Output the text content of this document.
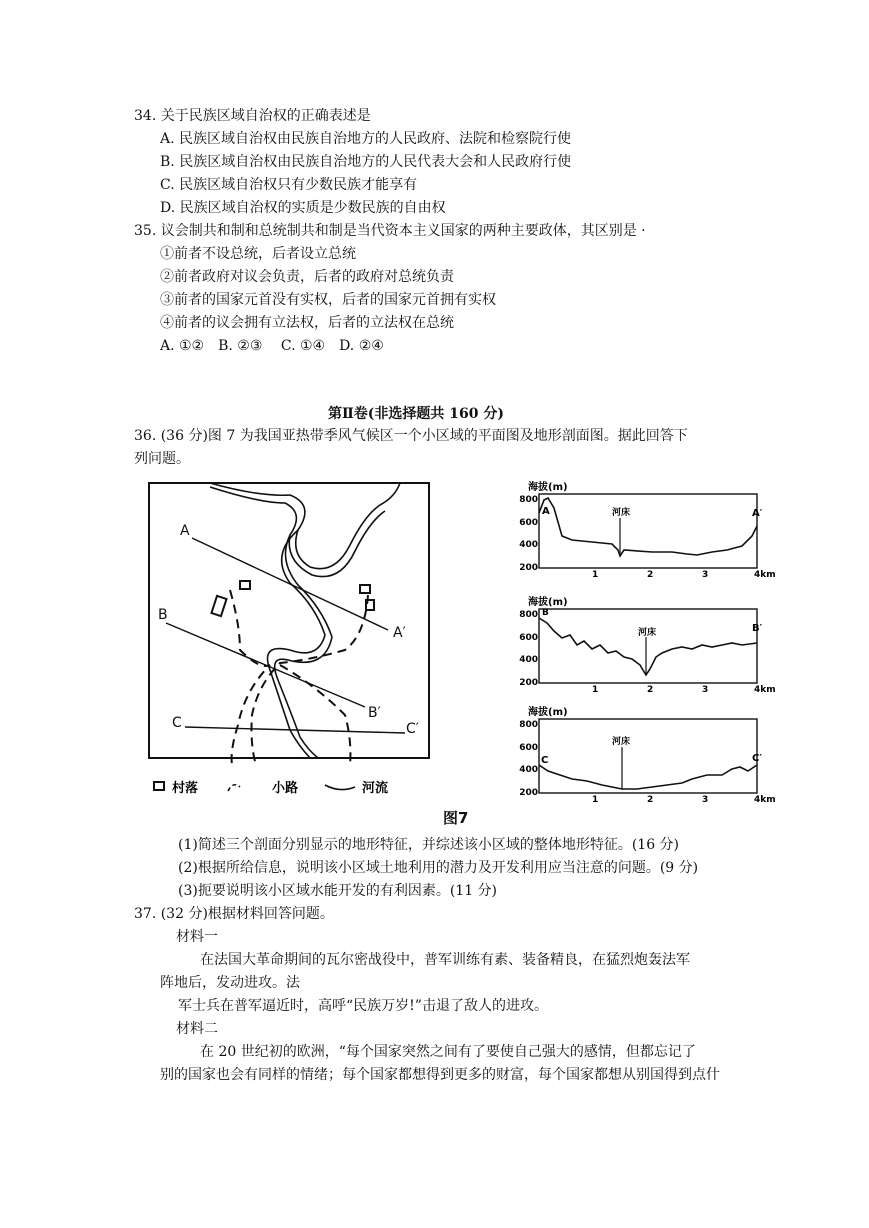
34. 关于民族区域自治权的正确表述是
A. 民族区域自治权由民族自治地方的人民政府、法院和检察院行使
B. 民族区域自治权由民族自治地方的人民代表大会和人民政府行使
C. 民族区域自治权只有少数民族才能享有
D. 民族区域自治权的实质是少数民族的自由权
35. 议会制共和制和总统制共和制是当代资本主义国家的两种主要政体，其区别是 ·
①前者不设总统，后者设立总统
②前者政府对议会负责，后者的政府对总统负责
③前者的国家元首没有实权，后者的国家元首拥有实权
④前者的议会拥有立法权，后者的立法权在总统
A. ①②　B. ②③　 C. ①④　D. ②④
第Ⅱ卷(非选择题共 160 分)
36. (36 分)图 7 为我国亚热带季风气候区一个小区域的平面图及地形剖面图。据此回答下
列问题。
A
A′
B
B′
C	C′
村落	小路	河流
海拔(m)
800
600
400
200
1	2	3	4km
河床
A	A′
海拔(m)
800
600
400
200
1	2	3	4km
河床
B
B′
海拔(m)
800
600
400
200
1	2	3	4km
河床
C	C′
图7
(1)简述三个剖面分别显示的地形特征，并综述该小区域的整体地形特征。(16 分)
(2)根据所给信息，说明该小区域土地利用的潜力及开发利用应当注意的问题。(9 分)
(3)扼要说明该小区域水能开发的有利因素。(11 分)
37. (32 分)根据材料回答问题。
材料一
在法国大革命期间的瓦尔密战役中，普军训练有素、装备精良，在猛烈炮轰法军
阵地后，发动进攻。法
军士兵在普军逼近时，高呼“民族万岁!”击退了敌人的进攻。
材料二
在 20 世纪初的欧洲，“每个国家突然之间有了要使自己强大的感情，但都忘记了
别的国家也会有同样的情绪；每个国家都想得到更多的财富，每个国家都想从别国得到点什
